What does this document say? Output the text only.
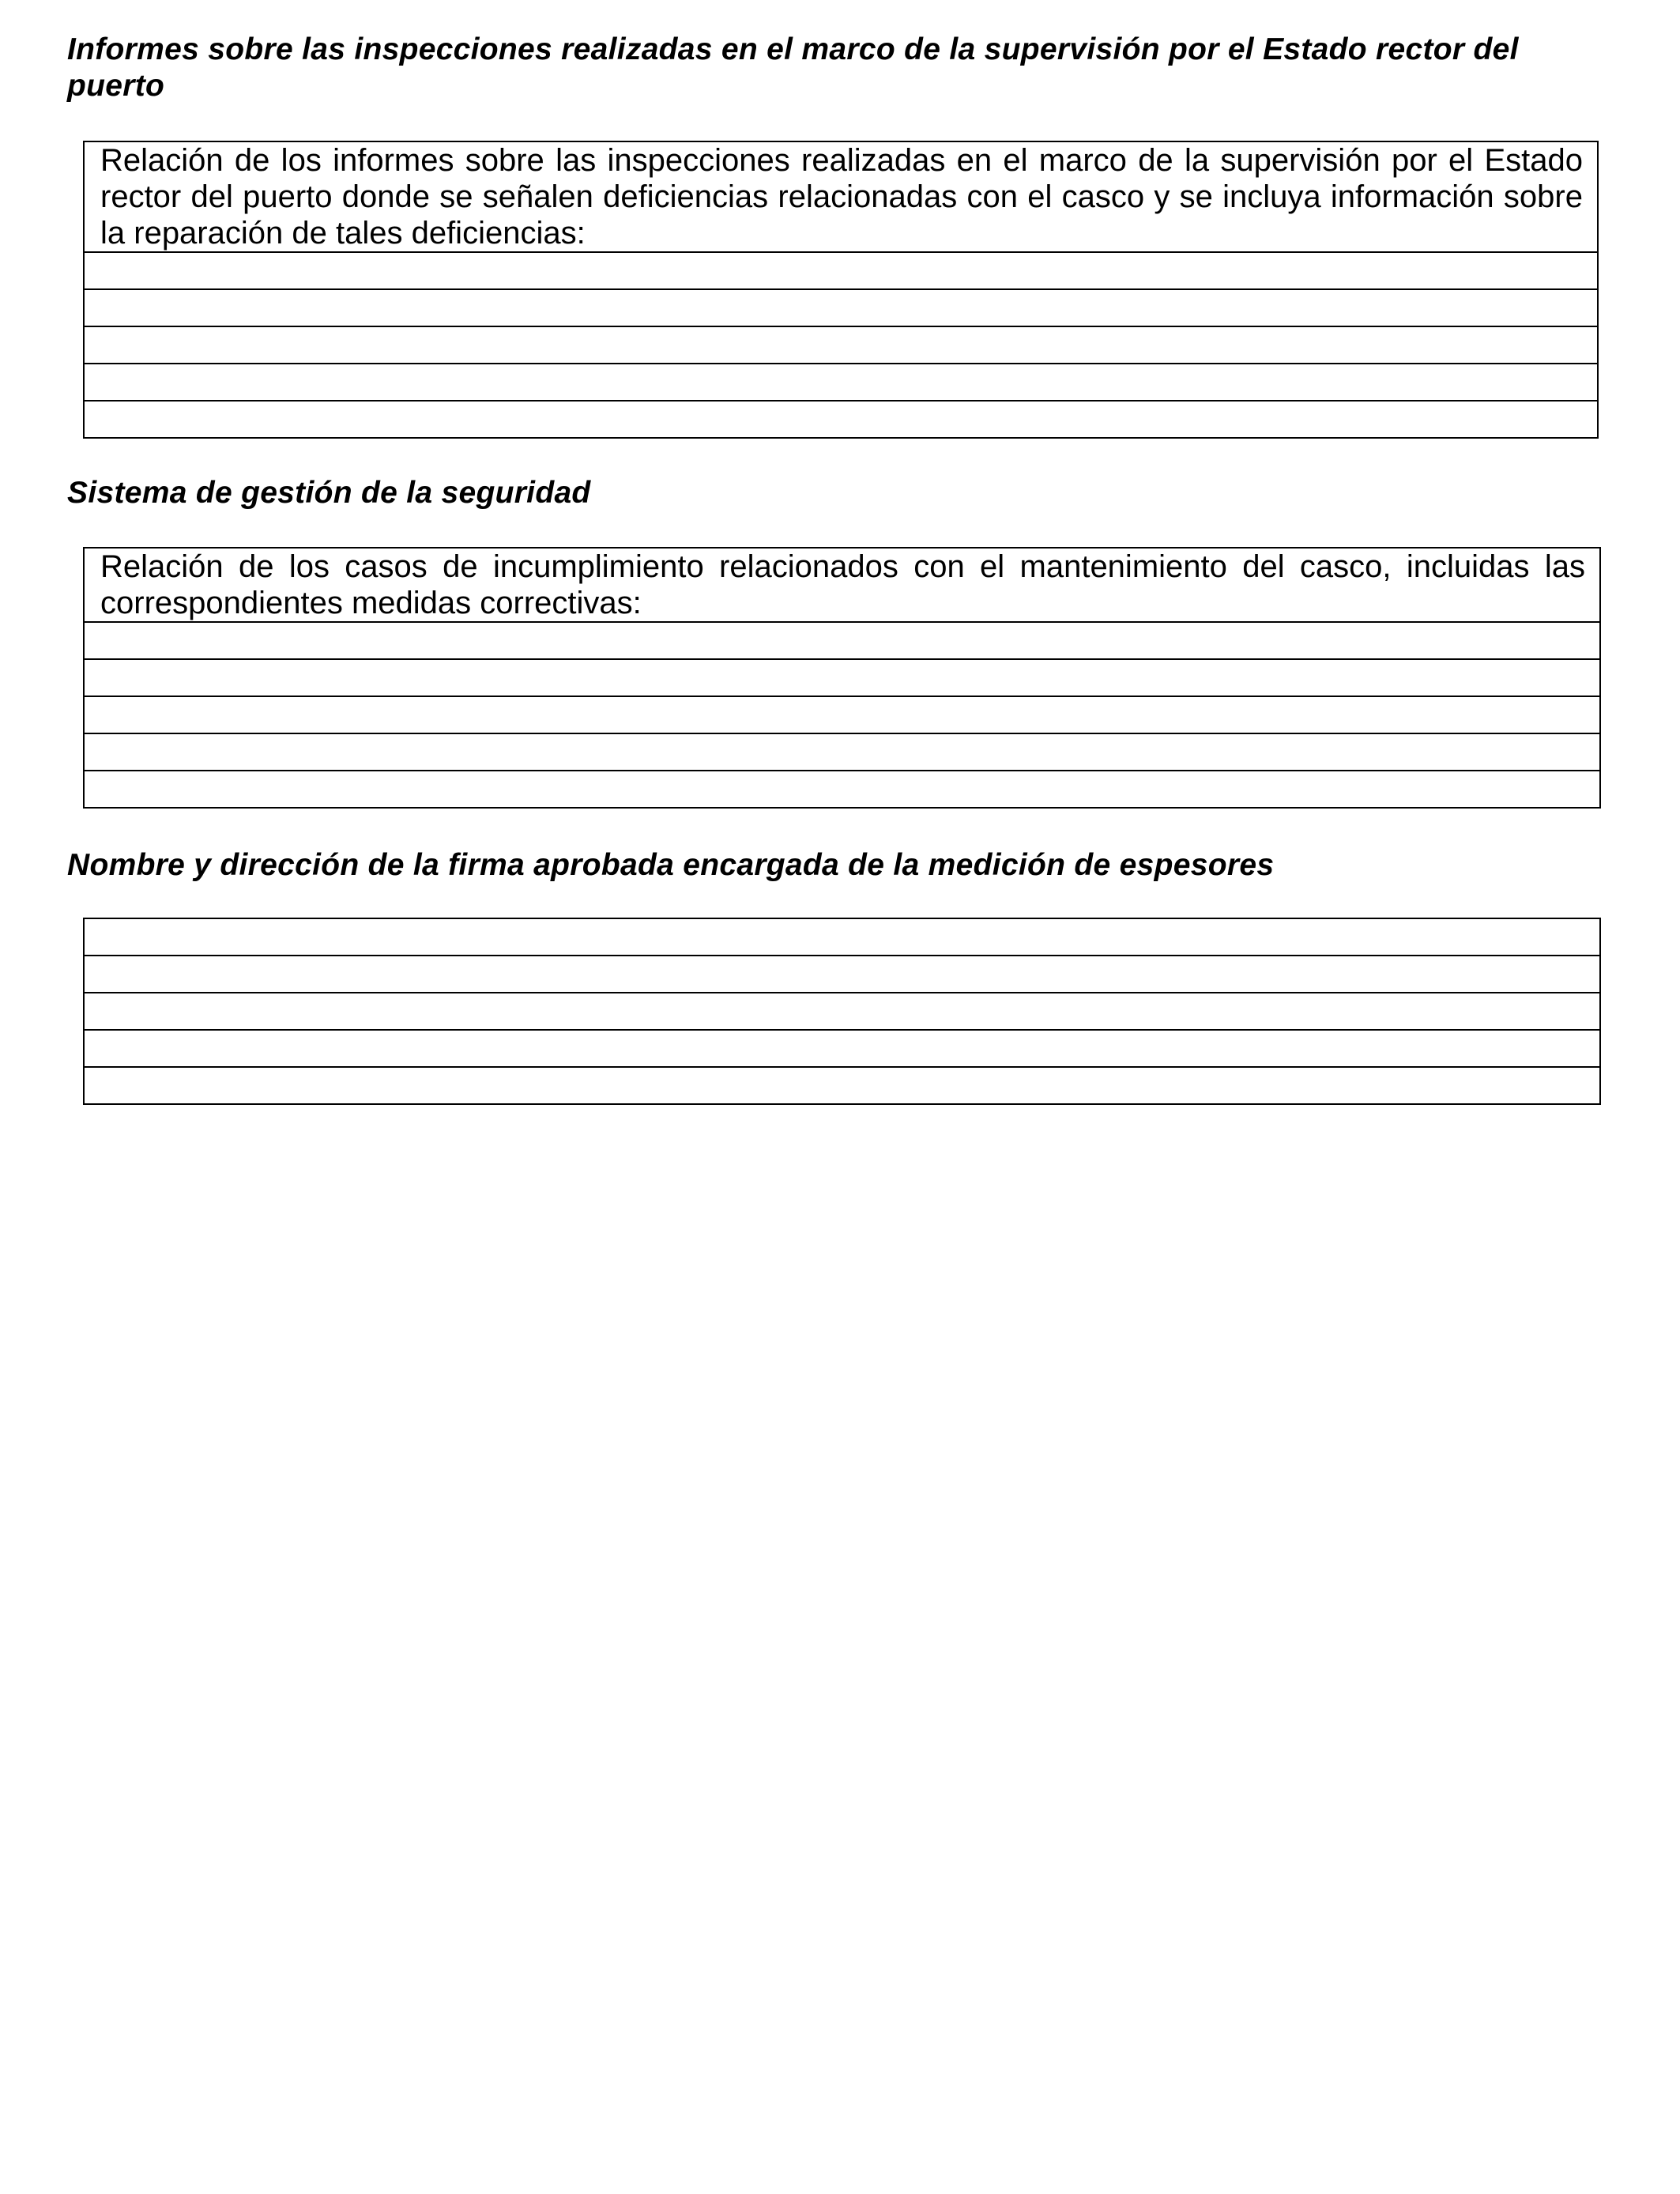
Informes sobre las inspecciones realizadas en el marco de la supervisión por el Estado rector del puerto
Relación de los informes sobre las inspecciones realizadas en el marco de la supervisión por el Estado rector del puerto donde se señalen deficiencias relacionadas con el casco y se incluya información sobre la reparación de tales deficiencias:

Sistema de gestión de la seguridad
Relación de los casos de incumplimiento relacionados con el mantenimiento del casco, incluidas las correspondientes medidas correctivas:

Nombre y dirección de la firma aprobada encargada de la medición de espesores
